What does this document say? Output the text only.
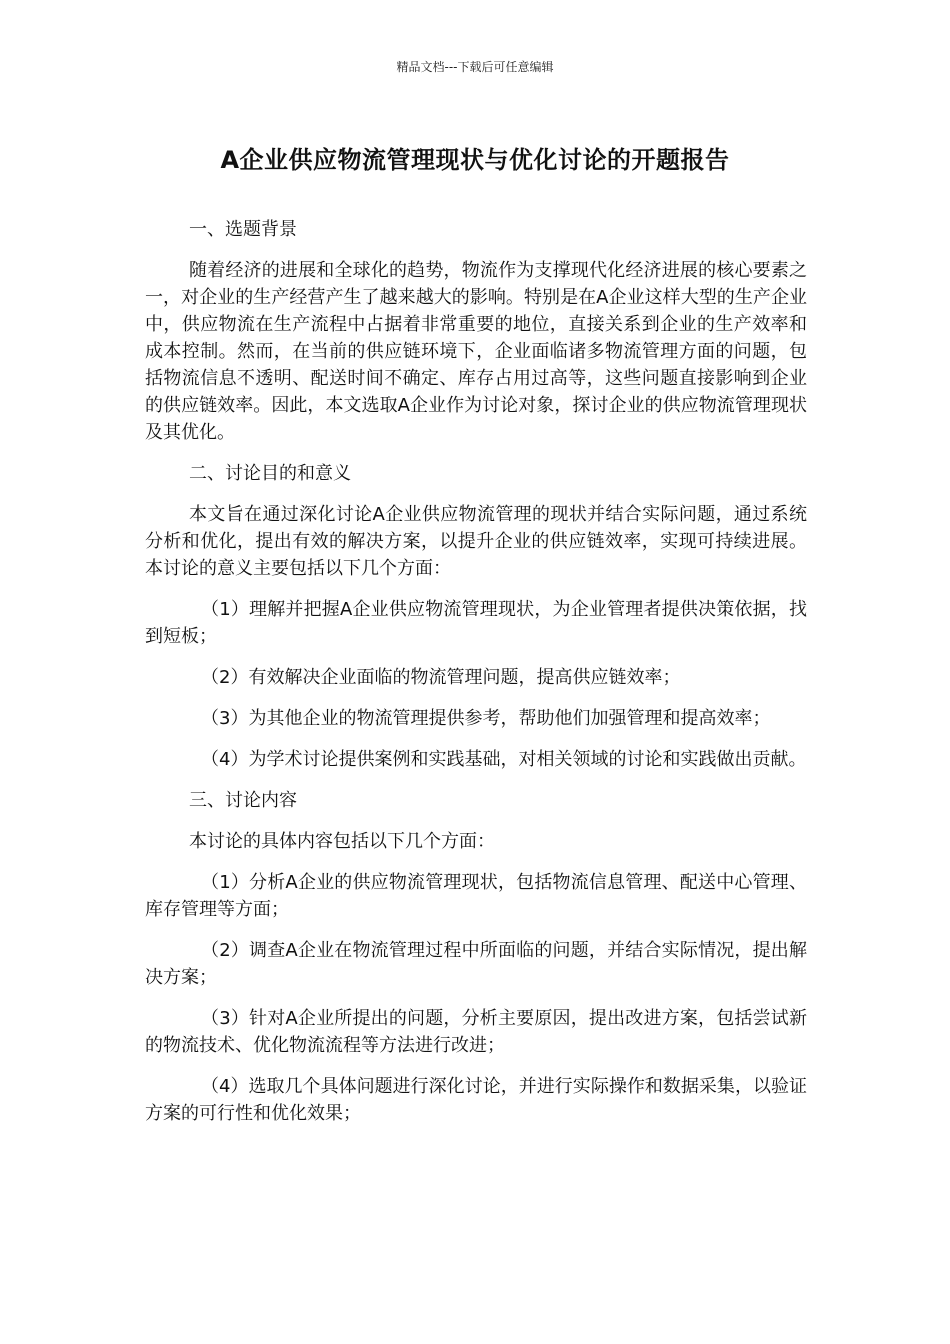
精品文档---下载后可任意编辑
A企业供应物流管理现状与优化讨论的开题报告
一、选题背景
随着经济的进展和全球化的趋势，物流作为支撑现代化经济进展的核心要素之一，对企业的生产经营产生了越来越大的影响。特别是在A企业这样大型的生产企业中，供应物流在生产流程中占据着非常重要的地位，直接关系到企业的生产效率和成本控制。然而，在当前的供应链环境下，企业面临诸多物流管理方面的问题，包括物流信息不透明、配送时间不确定、库存占用过高等，这些问题直接影响到企业的供应链效率。因此，本文选取A企业作为讨论对象，探讨企业的供应物流管理现状及其优化。
二、讨论目的和意义
本文旨在通过深化讨论A企业供应物流管理的现状并结合实际问题，通过系统分析和优化，提出有效的解决方案，以提升企业的供应链效率，实现可持续进展。本讨论的意义主要包括以下几个方面：
（1）理解并把握A企业供应物流管理现状，为企业管理者提供决策依据，找到短板；
（2）有效解决企业面临的物流管理问题，提高供应链效率；
（3）为其他企业的物流管理提供参考，帮助他们加强管理和提高效率；
（4）为学术讨论提供案例和实践基础，对相关领域的讨论和实践做出贡献。
三、讨论内容
本讨论的具体内容包括以下几个方面：
（1）分析A企业的供应物流管理现状，包括物流信息管理、配送中心管理、库存管理等方面；
（2）调查A企业在物流管理过程中所面临的问题，并结合实际情况，提出解决方案；
（3）针对A企业所提出的问题，分析主要原因，提出改进方案，包括尝试新的物流技术、优化物流流程等方法进行改进；
（4）选取几个具体问题进行深化讨论，并进行实际操作和数据采集，以验证方案的可行性和优化效果；
